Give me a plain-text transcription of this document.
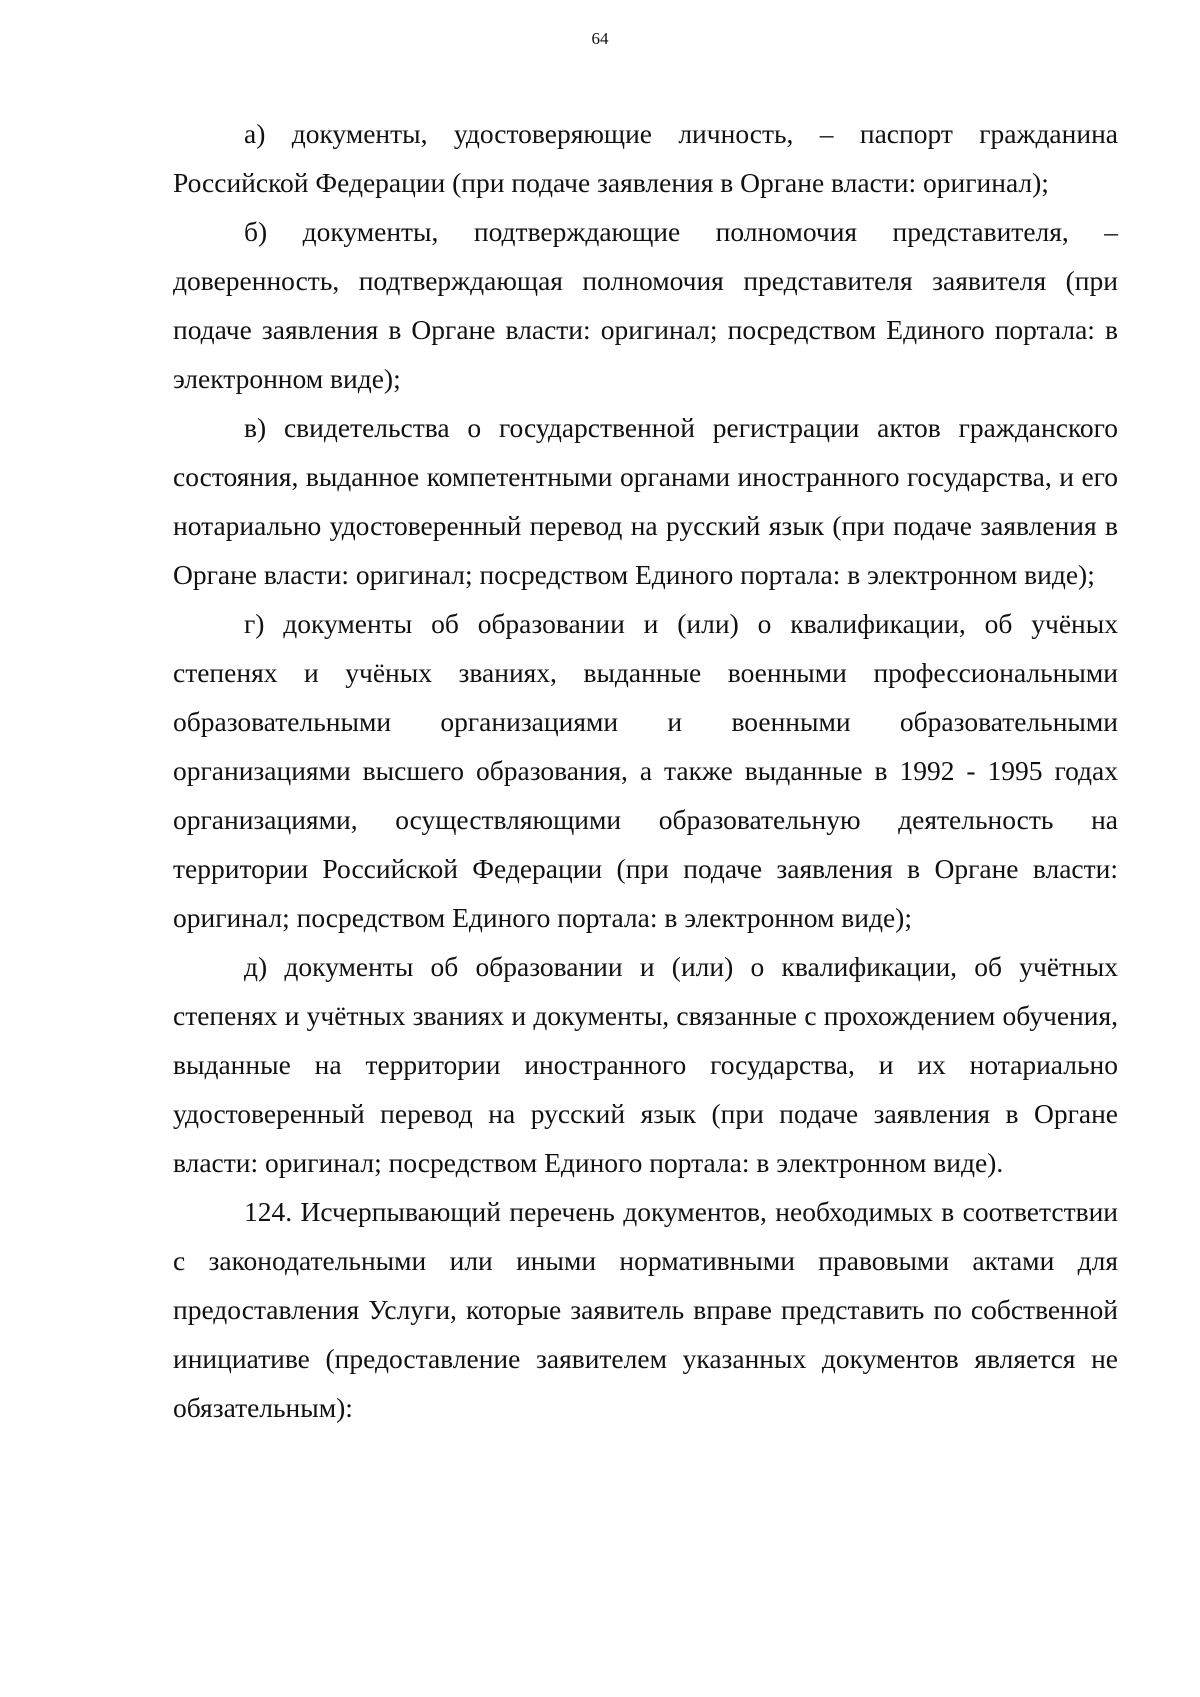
64

а) документы, удостоверяющие личность, – паспорт гражданина Российской Федерации (при подаче заявления в Органе власти: оригинал);

б) документы, подтверждающие полномочия представителя, – доверенность, подтверждающая полномочия представителя заявителя (при подаче заявления в Органе власти: оригинал; посредством Единого портала: в электронном виде);

в) свидетельства о государственной регистрации актов гражданского состояния, выданное компетентными органами иностранного государства, и его нотариально удостоверенный перевод на русский язык (при подаче заявления в Органе власти: оригинал; посредством Единого портала: в электронном виде);

г) документы об образовании и (или) о квалификации, об учёных степенях и учёных званиях, выданные военными профессиональными образовательными организациями и военными образовательными организациями высшего образования, а также выданные в 1992 - 1995 годах организациями, осуществляющими образовательную деятельность на территории Российской Федерации (при подаче заявления в Органе власти: оригинал; посредством Единого портала: в электронном виде);

д) документы об образовании и (или) о квалификации, об учётных степенях и учётных званиях и документы, связанные с прохождением обучения, выданные на территории иностранного государства, и их нотариально удостоверенный перевод на русский язык (при подаче заявления в Органе власти: оригинал; посредством Единого портала: в электронном виде).

124. Исчерпывающий перечень документов, необходимых в соответствии с законодательными или иными нормативными правовыми актами для предоставления Услуги, которые заявитель вправе представить по собственной инициативе (предоставление заявителем указанных документов является не обязательным):
